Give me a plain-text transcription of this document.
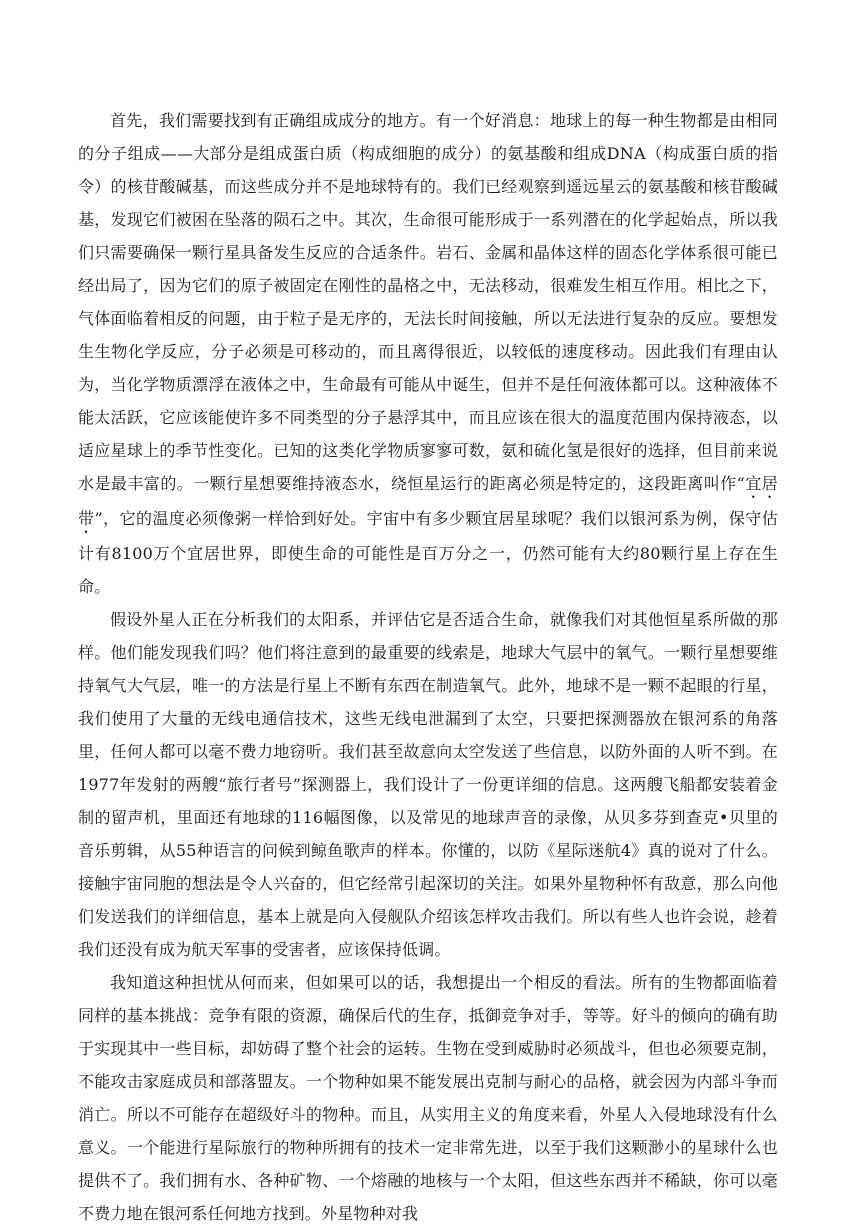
首先，我们需要找到有正确组成成分的地方。有一个好消息：地球上的每一种生物都是由相同的分子组成——大部分是组成蛋白质（构成细胞的成分）的氨基酸和组成DNA（构成蛋白质的指令）的核苷酸碱基，而这些成分并不是地球特有的。我们已经观察到遥远星云的氨基酸和核苷酸碱基，发现它们被困在坠落的陨石之中。其次，生命很可能形成于一系列潜在的化学起始点，所以我们只需要确保一颗行星具备发生反应的合适条件。岩石、金属和晶体这样的固态化学体系很可能已经出局了，因为它们的原子被固定在刚性的晶格之中，无法移动，很难发生相互作用。相比之下，气体面临着相反的问题，由于粒子是无序的，无法长时间接触，所以无法进行复杂的反应。要想发生生物化学反应，分子必须是可移动的，而且离得很近，以较低的速度移动。因此我们有理由认为，当化学物质漂浮在液体之中，生命最有可能从中诞生，但并不是任何液体都可以。这种液体不能太活跃，它应该能使许多不同类型的分子悬浮其中，而且应该在很大的温度范围内保持液态，以适应星球上的季节性变化。已知的这类化学物质寥寥可数，氨和硫化氢是很好的选择，但目前来说水是最丰富的。一颗行星想要维持液态水，绕恒星运行的距离必须是特定的，这段距离叫作“宜居带”，它的温度必须像粥一样恰到好处。宇宙中有多少颗宜居星球呢？我们以银河系为例，保守估计有8100万个宜居世界，即使生命的可能性是百万分之一，仍然可能有大约80颗行星上存在生命。

假设外星人正在分析我们的太阳系，并评估它是否适合生命，就像我们对其他恒星系所做的那样。他们能发现我们吗？他们将注意到的最重要的线索是，地球大气层中的氧气。一颗行星想要维持氧气大气层，唯一的方法是行星上不断有东西在制造氧气。此外，地球不是一颗不起眼的行星，我们使用了大量的无线电通信技术，这些无线电泄漏到了太空，只要把探测器放在银河系的角落里，任何人都可以毫不费力地窃听。我们甚至故意向太空发送了些信息，以防外面的人听不到。在1977年发射的两艘“旅行者号”探测器上，我们设计了一份更详细的信息。这两艘飞船都安装着金制的留声机，里面还有地球的116幅图像，以及常见的地球声音的录像，从贝多芬到查克•贝里的音乐剪辑，从55种语言的问候到鲸鱼歌声的样本。你懂的，以防《星际迷航4》真的说对了什么。接触宇宙同胞的想法是令人兴奋的，但它经常引起深切的关注。如果外星物种怀有敌意，那么向他们发送我们的详细信息，基本上就是向入侵舰队介绍该怎样攻击我们。所以有些人也许会说，趁着我们还没有成为航天军事的受害者，应该保持低调。

我知道这种担忧从何而来，但如果可以的话，我想提出一个相反的看法。所有的生物都面临着同样的基本挑战：竞争有限的资源，确保后代的生存，抵御竞争对手，等等。好斗的倾向的确有助于实现其中一些目标，却妨碍了整个社会的运转。生物在受到威胁时必须战斗，但也必须要克制，不能攻击家庭成员和部落盟友。一个物种如果不能发展出克制与耐心的品格，就会因为内部斗争而消亡。所以不可能存在超级好斗的物种。而且，从实用主义的角度来看，外星人入侵地球没有什么意义。一个能进行星际旅行的物种所拥有的技术一定非常先进，以至于我们这颗渺小的星球什么也提供不了。我们拥有水、各种矿物、一个熔融的地核与一个太阳，但这些东西并不稀缺，你可以毫不费力地在银河系任何地方找到。外星物种对我
